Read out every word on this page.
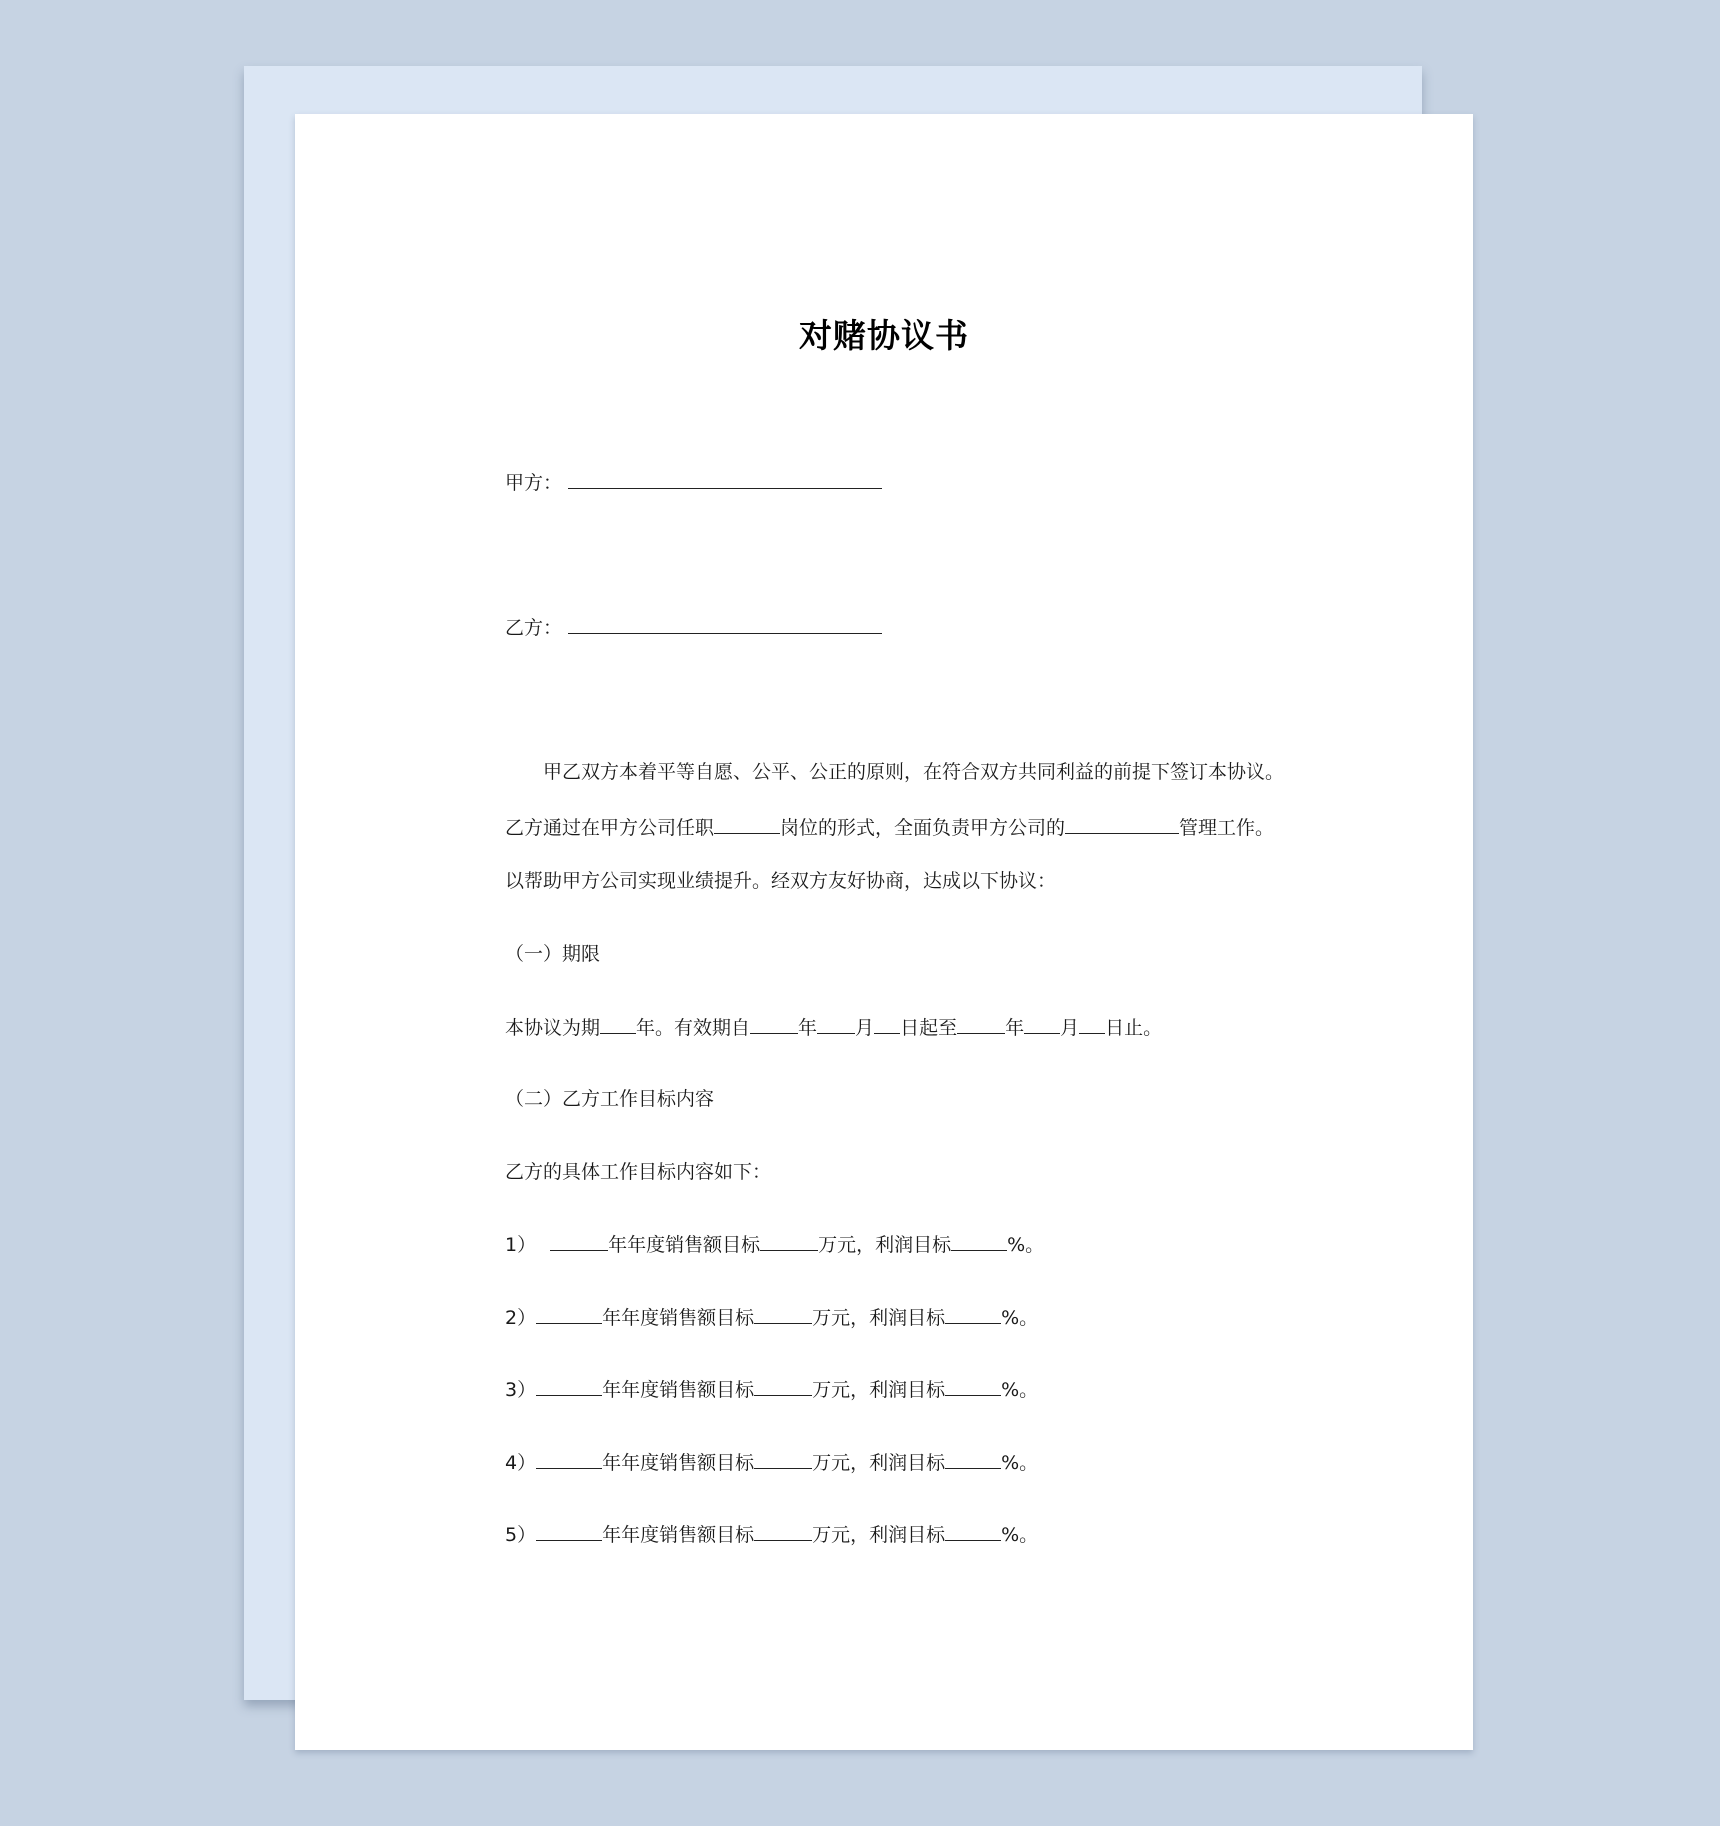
对赌协议书
甲方：
乙方：
甲乙双方本着平等自愿、公平、公正的原则，在符合双方共同利益的前提下签订本协议。
乙方通过在甲方公司任职	岗位的形式，全面负责甲方公司的	管理工作。
以帮助甲方公司实现业绩提升。经双方友好协商，达成以下协议：
（一）期限
本协议为期 年。有效期自	年 月 日起至	年 月 日止。
（二）乙方工作目标内容
乙方的具体工作目标内容如下：
1）	年年度销售额目标	万元，利润目标	%。
2）	年年度销售额目标	万元，利润目标	%。
3）	年年度销售额目标	万元，利润目标	%。
4）	年年度销售额目标	万元，利润目标	%。
5）	年年度销售额目标	万元，利润目标	%。
